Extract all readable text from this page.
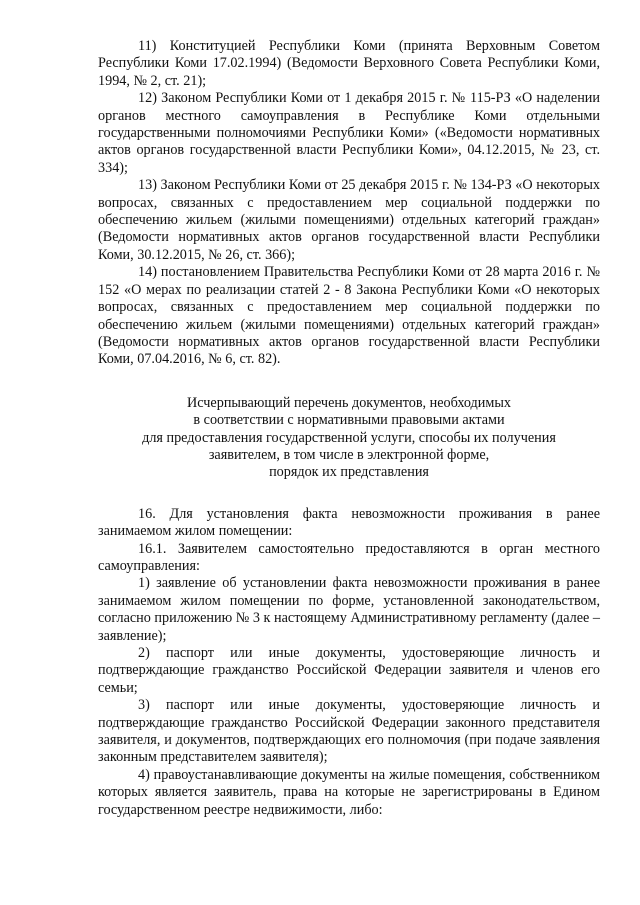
11) Конституцией Республики Коми (принята Верховным Советом Республики Коми 17.02.1994) (Ведомости Верховного Совета Республики Коми, 1994, № 2, ст. 21);

12) Законом Республики Коми от 1 декабря 2015 г. № 115-РЗ «О наделении органов местного самоуправления в Республике Коми отдельными государственными полномочиями Республики Коми» («Ведомости нормативных актов органов государственной власти Республики Коми», 04.12.2015, № 23, ст. 334);

13) Законом Республики Коми от 25 декабря 2015 г. № 134-РЗ «О некоторых вопросах, связанных с предоставлением мер социальной поддержки по обеспечению жильем (жилыми помещениями) отдельных категорий граждан» (Ведомости нормативных актов органов государственной власти Республики Коми, 30.12.2015, № 26, ст. 366);

14) постановлением Правительства Республики Коми от 28 марта 2016 г. № 152 «О мерах по реализации статей 2 - 8 Закона Республики Коми «О некоторых вопросах, связанных с предоставлением мер социальной поддержки по обеспечению жильем (жилыми помещениями) отдельных категорий граждан» (Ведомости нормативных актов органов государственной власти Республики Коми, 07.04.2016, № 6, ст. 82).

Исчерпывающий перечень документов, необходимых

в соответствии с нормативными правовыми актами

для предоставления государственной услуги, способы их получения

заявителем, в том числе в электронной форме,

порядок их представления

16. Для установления факта невозможности проживания в ранее занимаемом жилом помещении:

16.1. Заявителем самостоятельно предоставляются в орган местного самоуправления:

1) заявление об установлении факта невозможности проживания в ранее занимаемом жилом помещении по форме, установленной законодательством, согласно приложению № 3 к настоящему Административному регламенту (далее – заявление);

2) паспорт или иные документы, удостоверяющие личность и подтверждающие гражданство Российской Федерации заявителя и членов его семьи;

3) паспорт или иные документы, удостоверяющие личность и подтверждающие гражданство Российской Федерации законного представителя заявителя, и документов, подтверждающих его полномочия (при подаче заявления законным представителем заявителя);

4) правоустанавливающие документы на жилые помещения, собственником которых является заявитель, права на которые не зарегистрированы в Едином государственном реестре недвижимости, либо:
